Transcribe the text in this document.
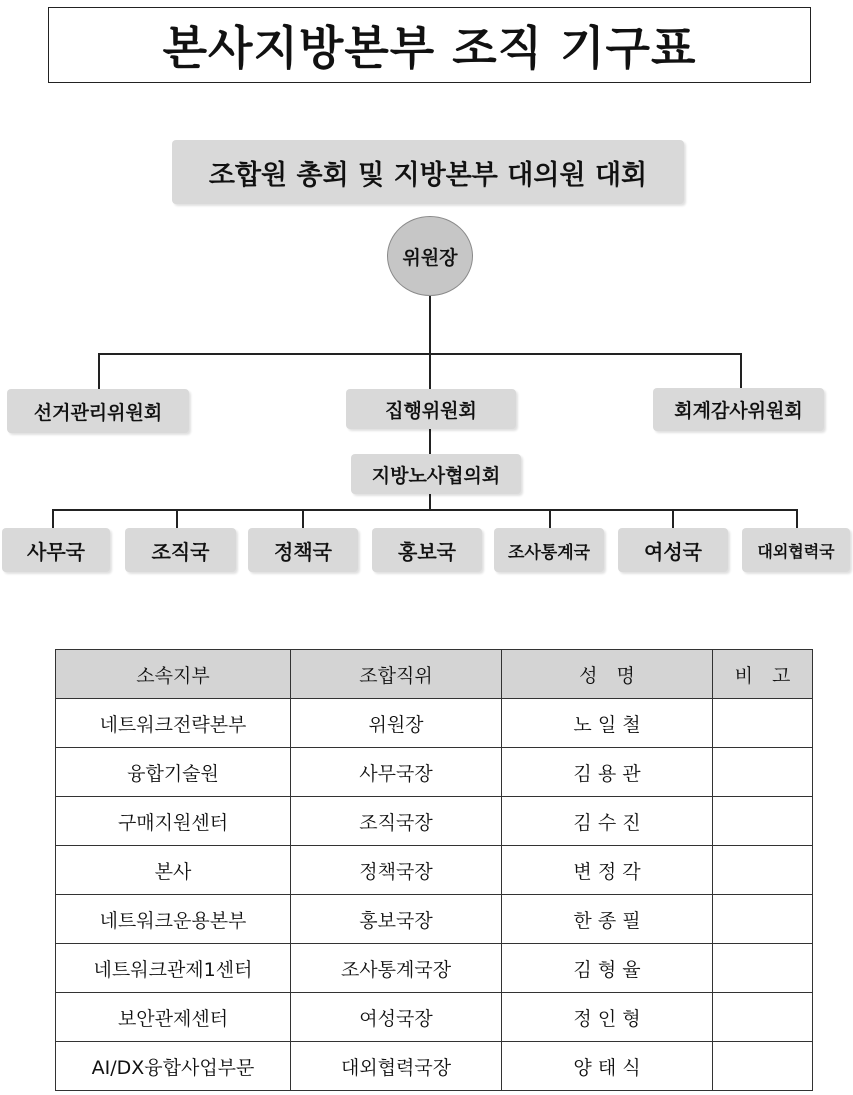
본사지방본부 조직 기구표
조합원 총회 및 지방본부 대의원 대회
위원장
선거관리위원회	집행위원회	회계감사위원회
지방노사협의회
사무국	조직국	정책국	홍보국	조사통계국	여성국	대외협력국
소속지부	조합직위	성　명	비　고
네트워크전략본부	위원장	노 일 철	
융합기술원	사무국장	김 용 관	
구매지원센터	조직국장	김 수 진	
본사	정책국장	변 정 각	
네트워크운용본부	홍보국장	한 종 필	
네트워크관제1센터	조사통계국장	김 형 율	
보안관제센터	여성국장	정 인 형	
AI/DX융합사업부문	대외협력국장	양 태 식	
